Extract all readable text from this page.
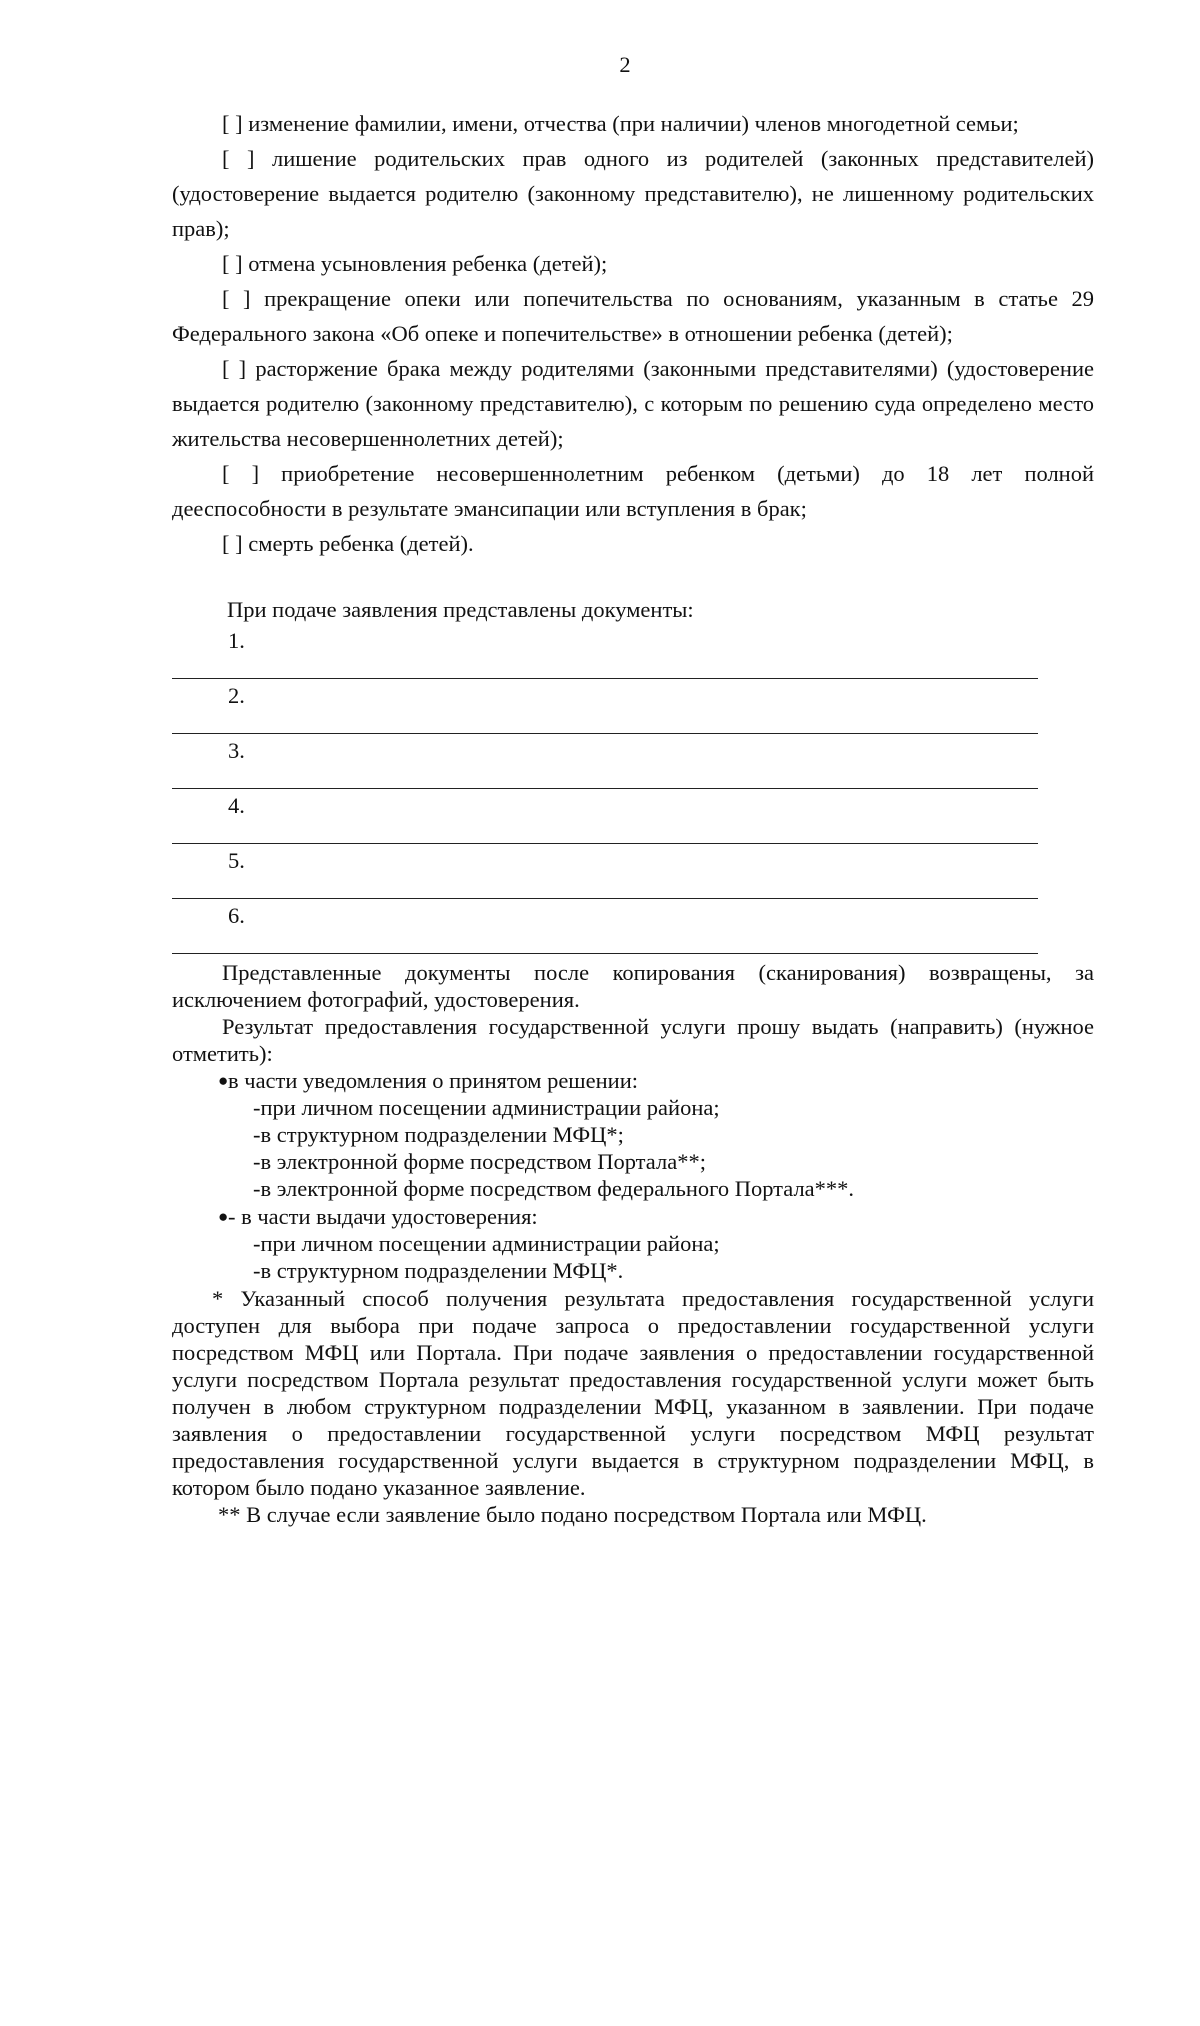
2
[ ] изменение фамилии, имени, отчества (при наличии) членов многодетной семьи;
[ ] лишение родительских прав одного из родителей (законных представителей) (удостоверение выдается родителю (законному представителю), не лишенному родительских прав);
[ ] отмена усыновления ребенка (детей);
[ ] прекращение опеки или попечительства по основаниям, указанным в статье 29 Федерального закона «Об опеке и попечительстве» в отношении ребенка (детей);
[ ] расторжение брака между родителями (законными представителями) (удостоверение выдается родителю (законному представителю), с которым по решению суда определено место жительства несовершеннолетних детей);
[ ] приобретение несовершеннолетним ребенком (детьми) до 18 лет полной дееспособности в результате эмансипации или вступления в брак;
[ ] смерть ребенка (детей).
При подаче заявления представлены документы:
1.
2.
3.
4.
5.
6.
Представленные документы после копирования (сканирования) возвращены, за исключением фотографий, удостоверения.
Результат предоставления государственной услуги прошу выдать (направить) (нужное отметить):
●в части уведомления о принятом решении:
-при личном посещении администрации района;
-в структурном подразделении МФЦ*;
-в электронной форме посредством Портала**;
-в электронной форме посредством федерального Портала***.
●- в части выдачи удостоверения:
-при личном посещении администрации района;
-в структурном подразделении МФЦ*.
* Указанный способ получения результата предоставления государственной услуги доступен для выбора при подаче запроса о предоставлении государственной услуги посредством МФЦ или Портала. При подаче заявления о предоставлении государственной услуги посредством Портала результат предоставления государственной услуги может быть получен в любом структурном подразделении МФЦ, указанном в заявлении. При подаче заявления о предоставлении государственной услуги посредством МФЦ результат предоставления государственной услуги выдается в структурном подразделении МФЦ, в котором было подано указанное заявление.
** В случае если заявление было подано посредством Портала или МФЦ.
